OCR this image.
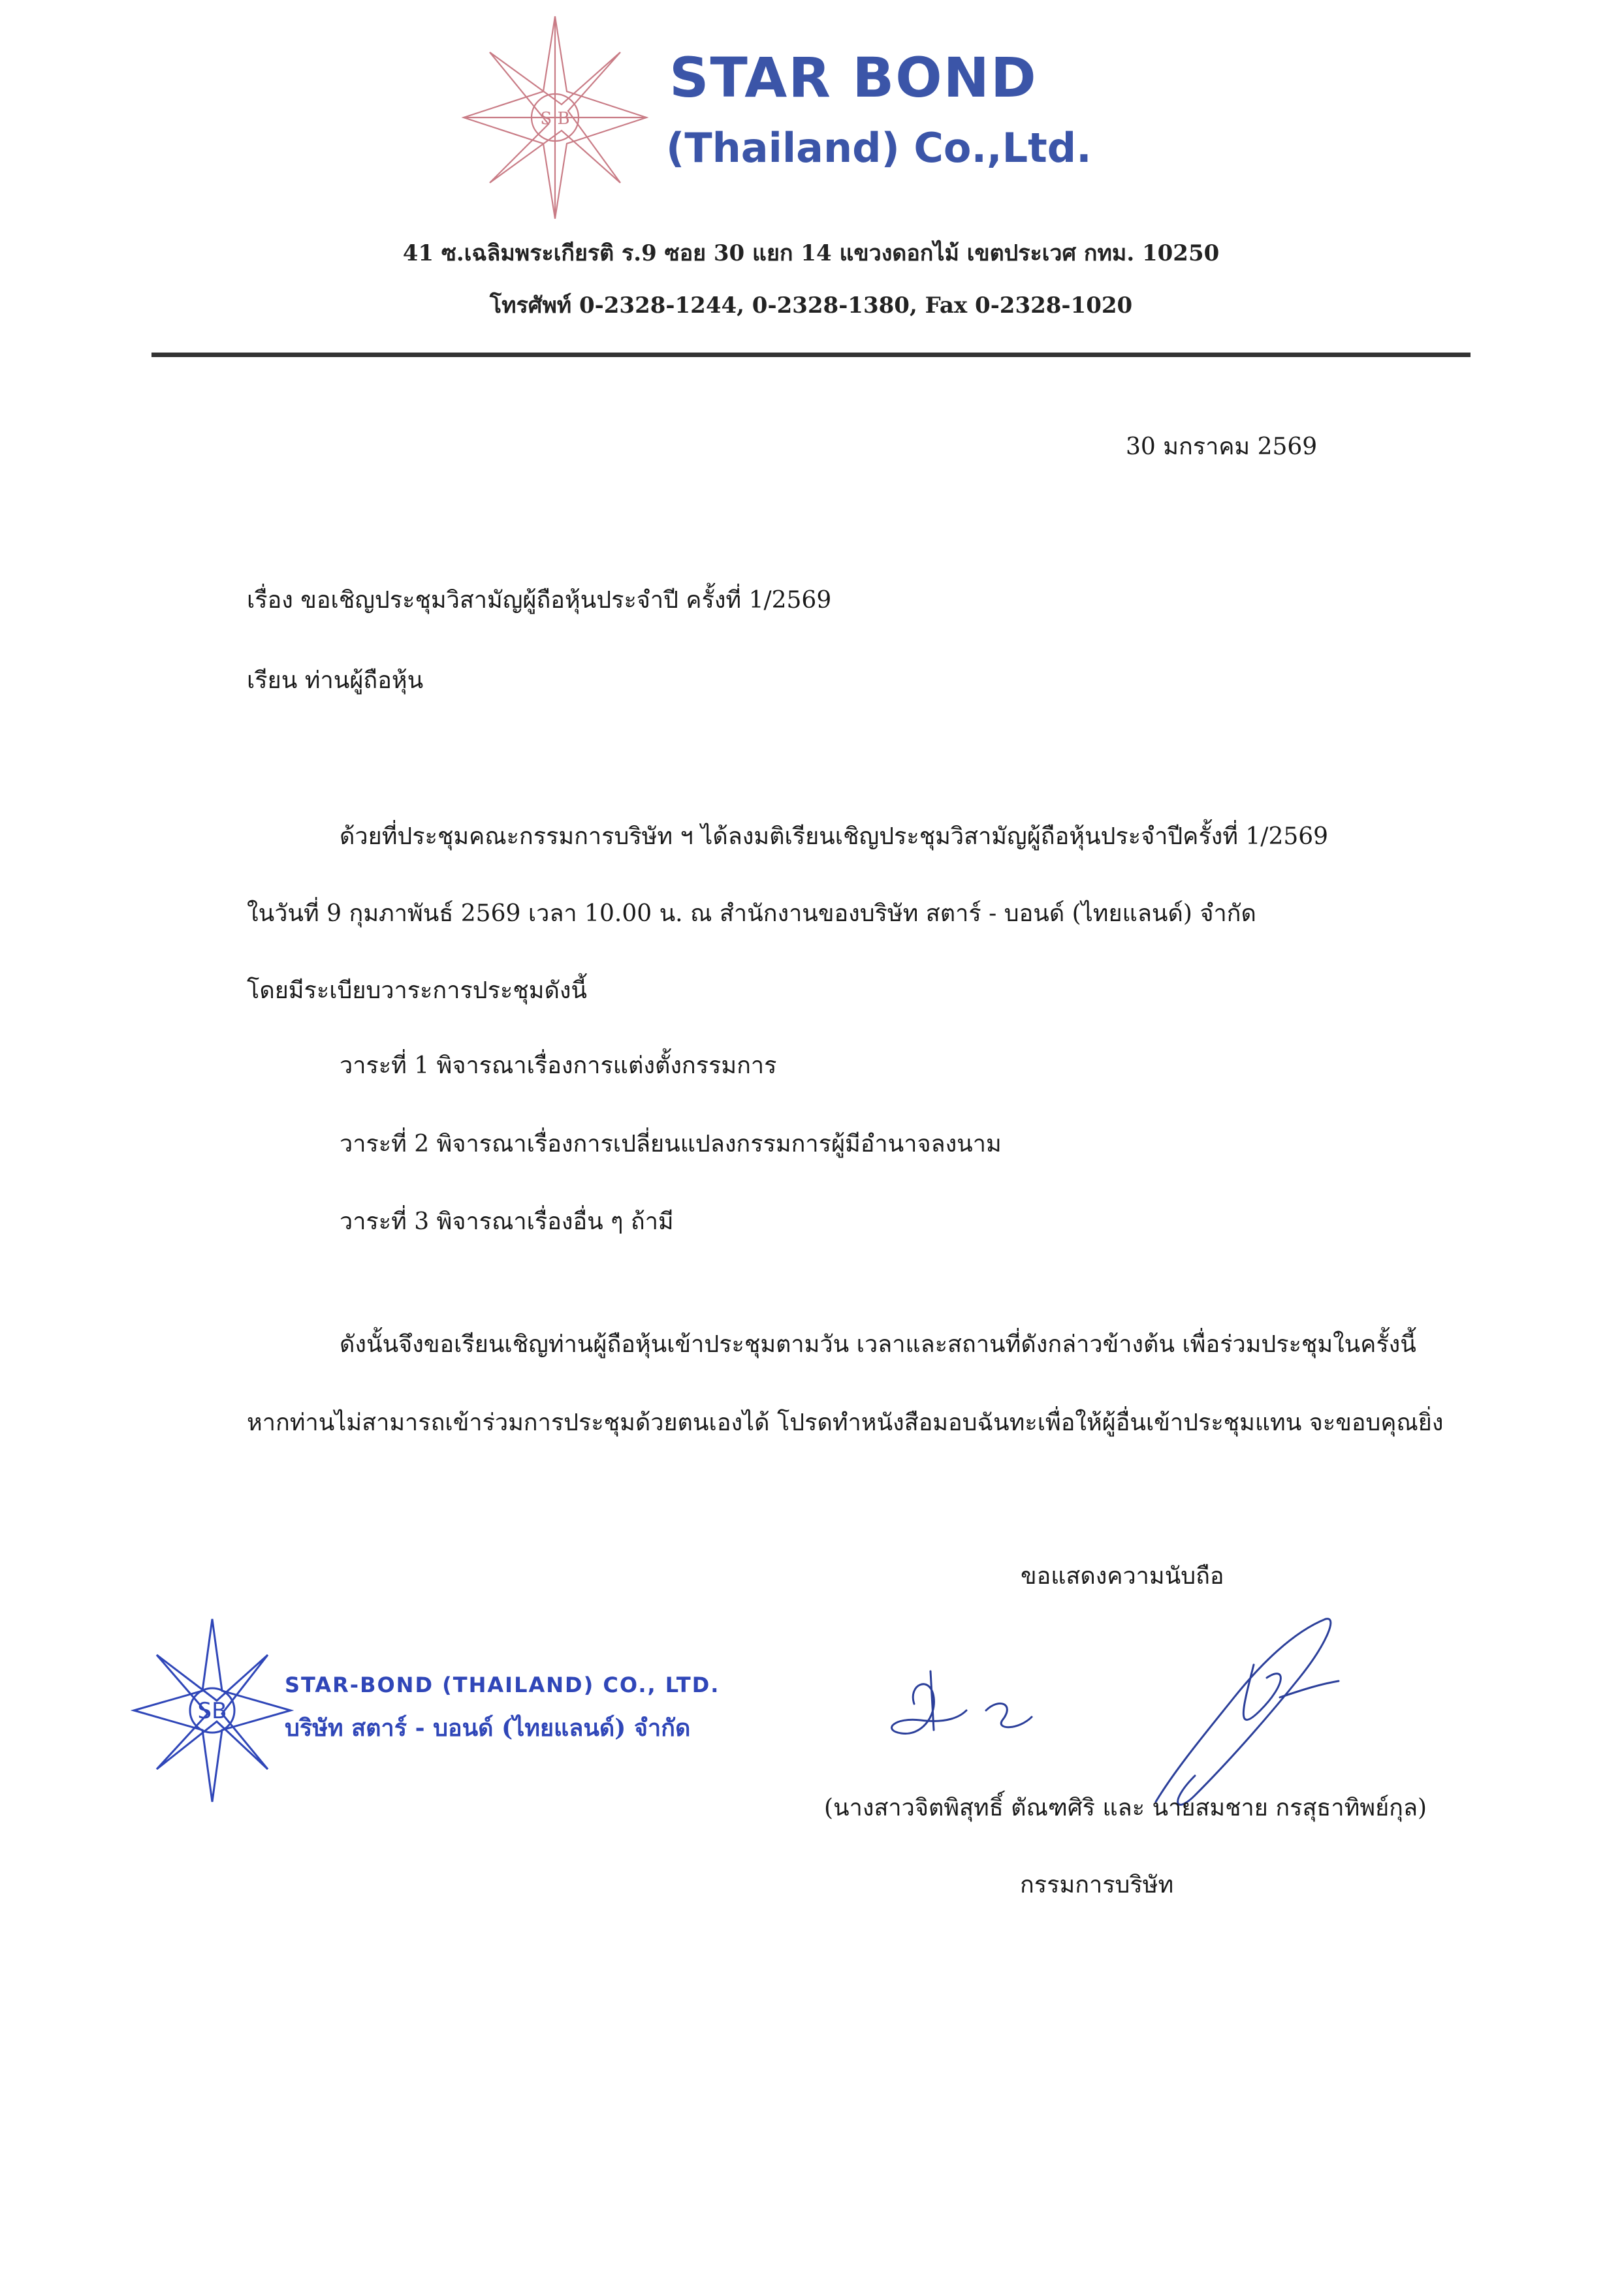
S B
STAR BOND
(Thailand) Co.,Ltd.
41 ซ.เฉลิมพระเกียรติ ร.9 ซอย 30 แยก 14 แขวงดอกไม้ เขตประเวศ กทม. 10250
โทรศัพท์ 0-2328-1244, 0-2328-1380, Fax 0-2328-1020
30 มกราคม 2569
เรื่อง ขอเชิญประชุมวิสามัญผู้ถือหุ้นประจำปี ครั้งที่ 1/2569
เรียน ท่านผู้ถือหุ้น
ด้วยที่ประชุมคณะกรรมการบริษัท ฯ ได้ลงมติเรียนเชิญประชุมวิสามัญผู้ถือหุ้นประจำปีครั้งที่ 1/2569
ในวันที่ 9 กุมภาพันธ์ 2569 เวลา 10.00 น. ณ สำนักงานของบริษัท สตาร์ - บอนด์ (ไทยแลนด์) จำกัด
โดยมีระเบียบวาระการประชุมดังนี้
วาระที่ 1 พิจารณาเรื่องการแต่งตั้งกรรมการ
วาระที่ 2 พิจารณาเรื่องการเปลี่ยนแปลงกรรมการผู้มีอำนาจลงนาม
วาระที่ 3 พิจารณาเรื่องอื่น ๆ ถ้ามี
ดังนั้นจึงขอเรียนเชิญท่านผู้ถือหุ้นเข้าประชุมตามวัน เวลาและสถานที่ดังกล่าวข้างต้น เพื่อร่วมประชุมในครั้งนี้
หากท่านไม่สามารถเข้าร่วมการประชุมด้วยตนเองได้ โปรดทำหนังสือมอบฉันทะเพื่อให้ผู้อื่นเข้าประชุมแทน จะขอบคุณยิ่ง
ขอแสดงความนับถือ
SB
STAR-BOND (THAILAND) CO., LTD.
บริษัท สตาร์ - บอนด์ (ไทยแลนด์) จำกัด
(นางสาวจิตพิสุทธิ์ ตัณฑศิริ และ นายสมชาย กรสุธาทิพย์กุล)
กรรมการบริษัท
